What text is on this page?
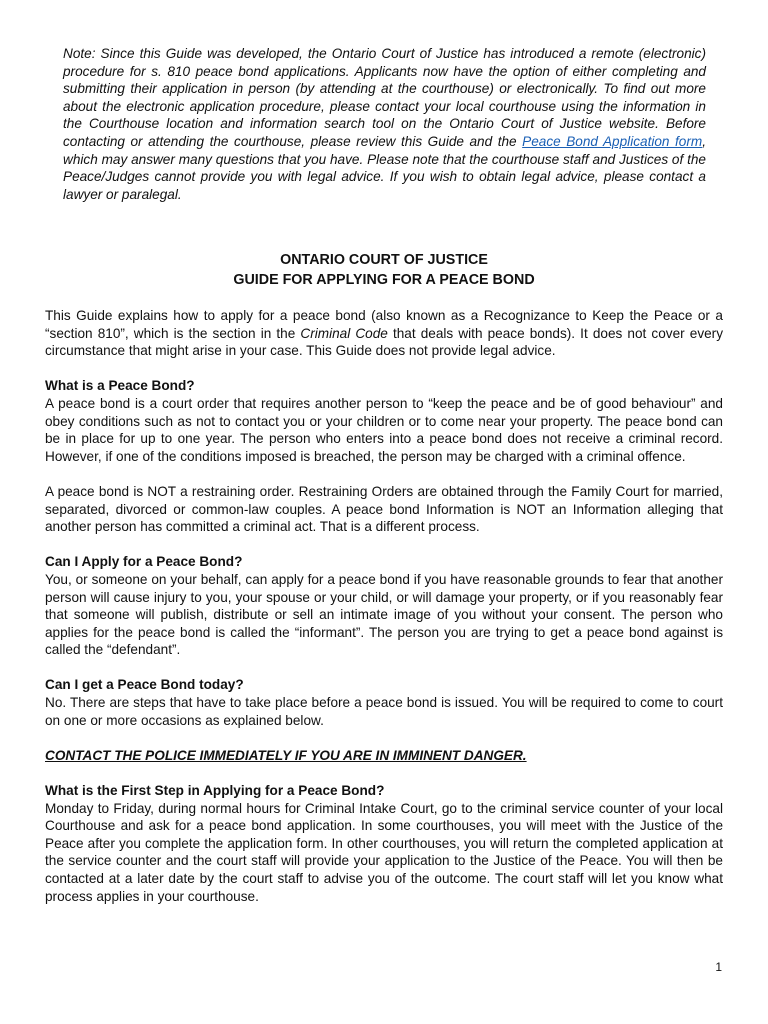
Note: Since this Guide was developed, the Ontario Court of Justice has introduced a remote (electronic) procedure for s. 810 peace bond applications. Applicants now have the option of either completing and submitting their application in person (by attending at the courthouse) or electronically. To find out more about the electronic application procedure, please contact your local courthouse using the information in the Courthouse location and information search tool on the Ontario Court of Justice website. Before contacting or attending the courthouse, please review this Guide and the Peace Bond Application form, which may answer many questions that you have. Please note that the courthouse staff and Justices of the Peace/Judges cannot provide you with legal advice. If you wish to obtain legal advice, please contact a lawyer or paralegal.
ONTARIO COURT OF JUSTICE
GUIDE FOR APPLYING FOR A PEACE BOND

This Guide explains how to apply for a peace bond (also known as a Recognizance to Keep the Peace or a “section 810”, which is the section in the Criminal Code that deals with peace bonds). It does not cover every circumstance that might arise in your case. This Guide does not provide legal advice.

What is a Peace Bond?

A peace bond is a court order that requires another person to “keep the peace and be of good behaviour” and obey conditions such as not to contact you or your children or to come near your property. The peace bond can be in place for up to one year. The person who enters into a peace bond does not receive a criminal record. However, if one of the conditions imposed is breached, the person may be charged with a criminal offence.

A peace bond is NOT a restraining order. Restraining Orders are obtained through the Family Court for married, separated, divorced or common-law couples. A peace bond Information is NOT an Information alleging that another person has committed a criminal act. That is a different process.

Can I Apply for a Peace Bond?

You, or someone on your behalf, can apply for a peace bond if you have reasonable grounds to fear that another person will cause injury to you, your spouse or your child, or will damage your property, or if you reasonably fear that someone will publish, distribute or sell an intimate image of you without your consent. The person who applies for the peace bond is called the “informant”. The person you are trying to get a peace bond against is called the “defendant”.

Can I get a Peace Bond today?

No. There are steps that have to take place before a peace bond is issued. You will be required to come to court on one or more occasions as explained below.

CONTACT THE POLICE IMMEDIATELY IF YOU ARE IN IMMINENT DANGER.

What is the First Step in Applying for a Peace Bond?

Monday to Friday, during normal hours for Criminal Intake Court, go to the criminal service counter of your local Courthouse and ask for a peace bond application. In some courthouses, you will meet with the Justice of the Peace after you complete the application form. In other courthouses, you will return the completed application at the service counter and the court staff will provide your application to the Justice of the Peace. You will then be contacted at a later date by the court staff to advise you of the outcome. The court staff will let you know what process applies in your courthouse.

1
